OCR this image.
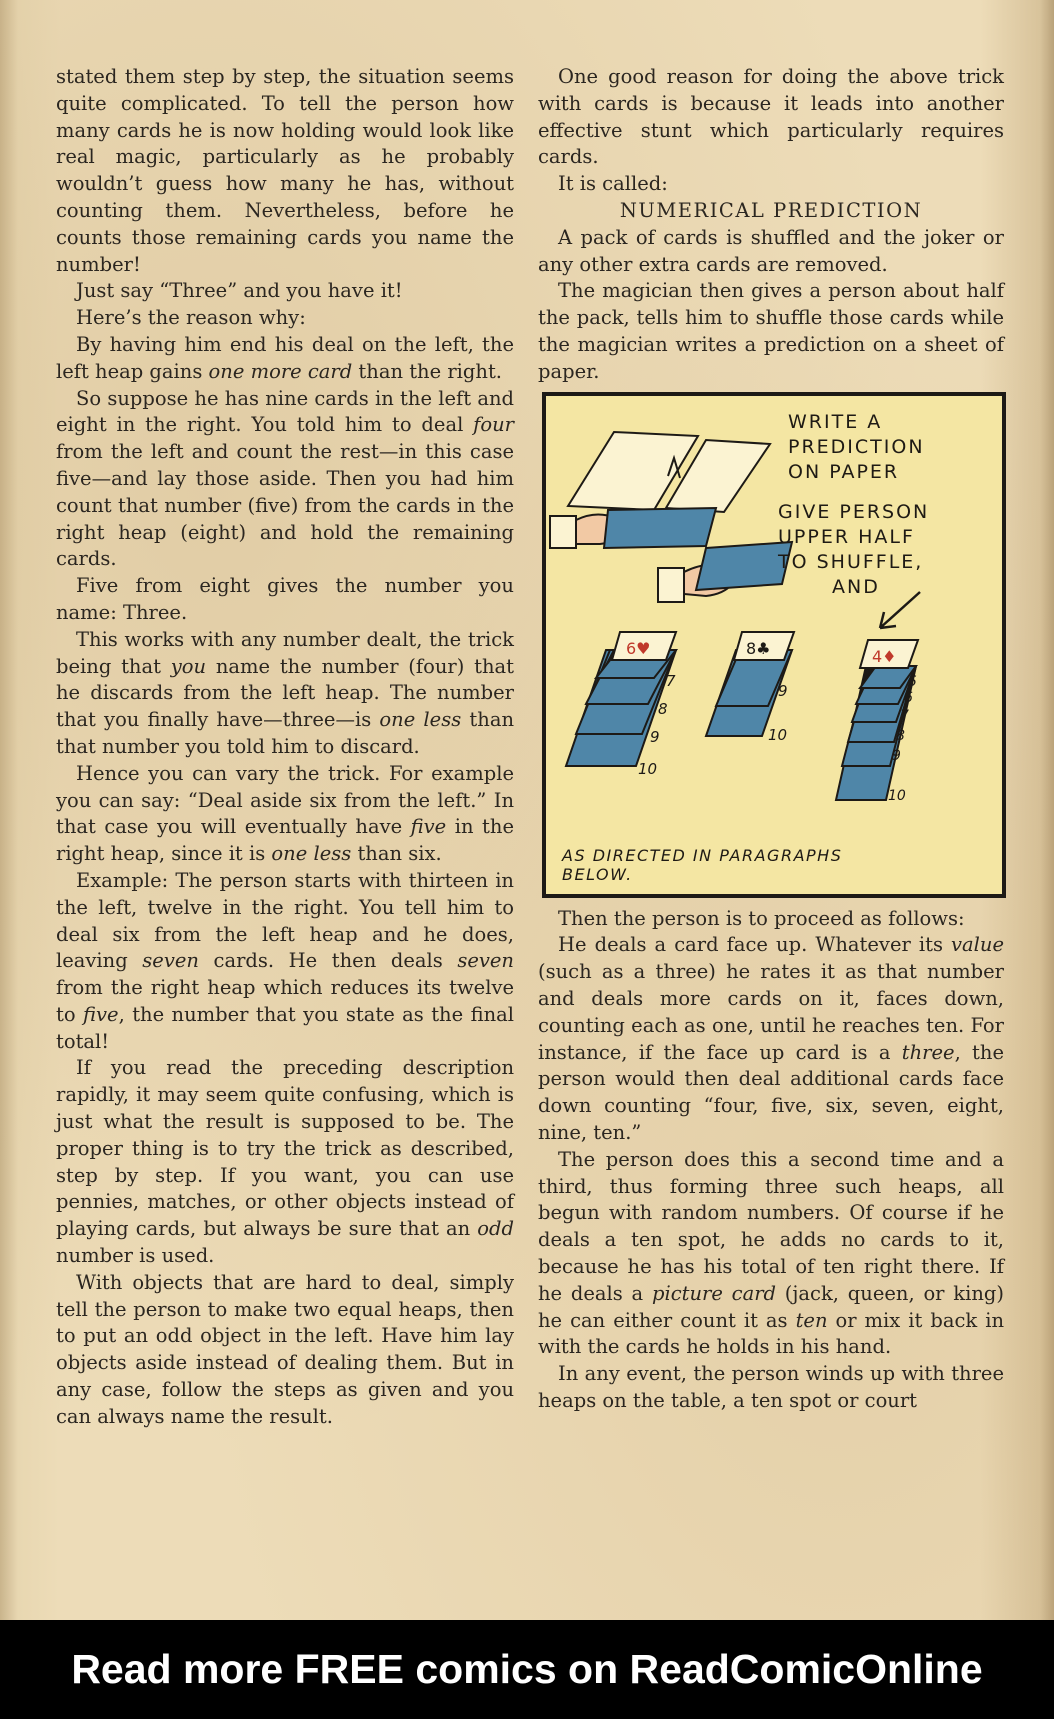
stated them step by step, the situation seems quite complicated. To tell the person how many cards he is now holding would look like real magic, particularly as he probably wouldn’t guess how many he has, without counting them. Nevertheless, before he counts those remaining cards you name the number!

Just say “Three” and you have it!

Here’s the reason why:

By having him end his deal on the left, the left heap gains one more card than the right.

So suppose he has nine cards in the left and eight in the right. You told him to deal four from the left and count the rest—in this case five—and lay those aside. Then you had him count that number (five) from the cards in the right heap (eight) and hold the remaining cards.

Five from eight gives the number you name: Three.

This works with any number dealt, the trick being that you name the number (four) that he discards from the left heap. The number that you finally have—three—is one less than that number you told him to discard.

Hence you can vary the trick. For example you can say: “Deal aside six from the left.” In that case you will eventually have five in the right heap, since it is one less than six.

Example: The person starts with thirteen in the left, twelve in the right. You tell him to deal six from the left heap and he does, leaving seven cards. He then deals seven from the right heap which reduces its twelve to five, the number that you state as the final total!

If you read the preceding description rapidly, it may seem quite confusing, which is just what the result is supposed to be. The proper thing is to try the trick as described, step by step. If you want, you can use pennies, matches, or other objects instead of playing cards, but always be sure that an odd number is used.

With objects that are hard to deal, simply tell the person to make two equal heaps, then to put an odd object in the left. Have him lay objects aside instead of dealing them. But in any case, follow the steps as given and you can always name the result.

One good reason for doing the above trick with cards is because it leads into another effective stunt which particularly requires cards.

It is called:

NUMERICAL PREDICTION

A pack of cards is shuffled and the joker or any other extra cards are removed.

The magician then gives a person about half the pack, tells him to shuffle those cards while the magician writes a prediction on a sheet of paper.

6♥	8♣	4♦
7
8
9
10
9
10
5
6
7
8
9
10
WRITE A
PREDICTION
ON PAPER
GIVE PERSON
UPPER HALF
TO SHUFFLE,
AND
AS DIRECTED IN PARAGRAPHS
BELOW.

Then the person is to proceed as follows:

He deals a card face up. Whatever its value (such as a three) he rates it as that number and deals more cards on it, faces down, counting each as one, until he reaches ten. For instance, if the face up card is a three, the person would then deal additional cards face down counting “four, five, six, seven, eight, nine, ten.”

The person does this a second time and a third, thus forming three such heaps, all begun with random numbers. Of course if he deals a ten spot, he adds no cards to it, because he has his total of ten right there. If he deals a picture card (jack, queen, or king) he can either count it as ten or mix it back in with the cards he holds in his hand.

In any event, the person winds up with three heaps on the table, a ten spot or court

Read more FREE comics on ReadComicOnline
